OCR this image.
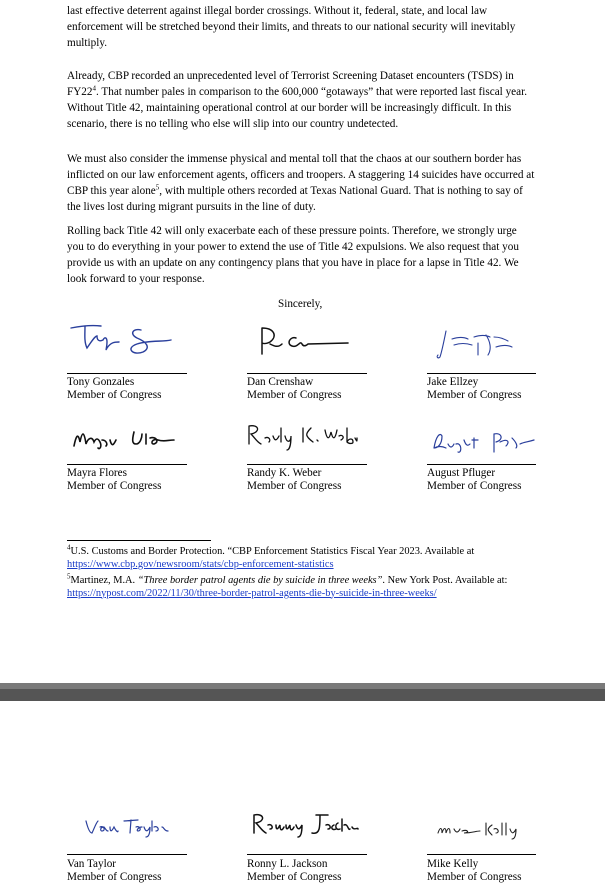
last effective deterrent against illegal border crossings. Without it, federal, state, and local law enforcement will be stretched beyond their limits, and threats to our national security will inevitably multiply.

Already, CBP recorded an unprecedented level of Terrorist Screening Dataset encounters (TSDS) in $FY22^4$. That number pales in comparison to the 600,000 “gotaways” that were reported last fiscal year. Without Title 42, maintaining operational control at our border will be increasingly difficult. In this scenario, there is no telling who else will slip into our country undetected.

We must also consider the immense physical and mental toll that the chaos at our southern border has inflicted on our law enforcement agents, officers and troopers. A staggering 14 suicides have occurred at CBP this year alone$^5$, with multiple others recorded at Texas National Guard. That is nothing to say of the lives lost during migrant pursuits in the line of duty.

Rolling back Title 42 will only exacerbate each of these pressure points. Therefore, we strongly urge you to do everything in your power to extend the use of Title 42 expulsions. We also request that you provide us with an update on any contingency plans that you have in place for a lapse in Title 42. We look forward to your response.

Sincerely,
Tony Gonzales
Member of Congress
Dan Crenshaw
Member of Congress
Jake Ellzey
Member of Congress
Mayra Flores
Member of Congress
Randy K. Weber
Member of Congress
August Pfluger
Member of Congress

$^4$U.S. Customs and Border Protection. “CBP Enforcement Statistics Fiscal Year 2023. Available at https://www.cbp.gov/newsroom/stats/cbp-enforcement-statistics

$^5$Martinez, M.A. “Three border patrol agents die by suicide in three weeks”. New York Post. Available at: https://nypost.com/2022/11/30/three-border-patrol-agents-die-by-suicide-in-three-weeks/

Van Taylor
Member of Congress
Ronny L. Jackson
Member of Congress
Mike Kelly
Member of Congress
